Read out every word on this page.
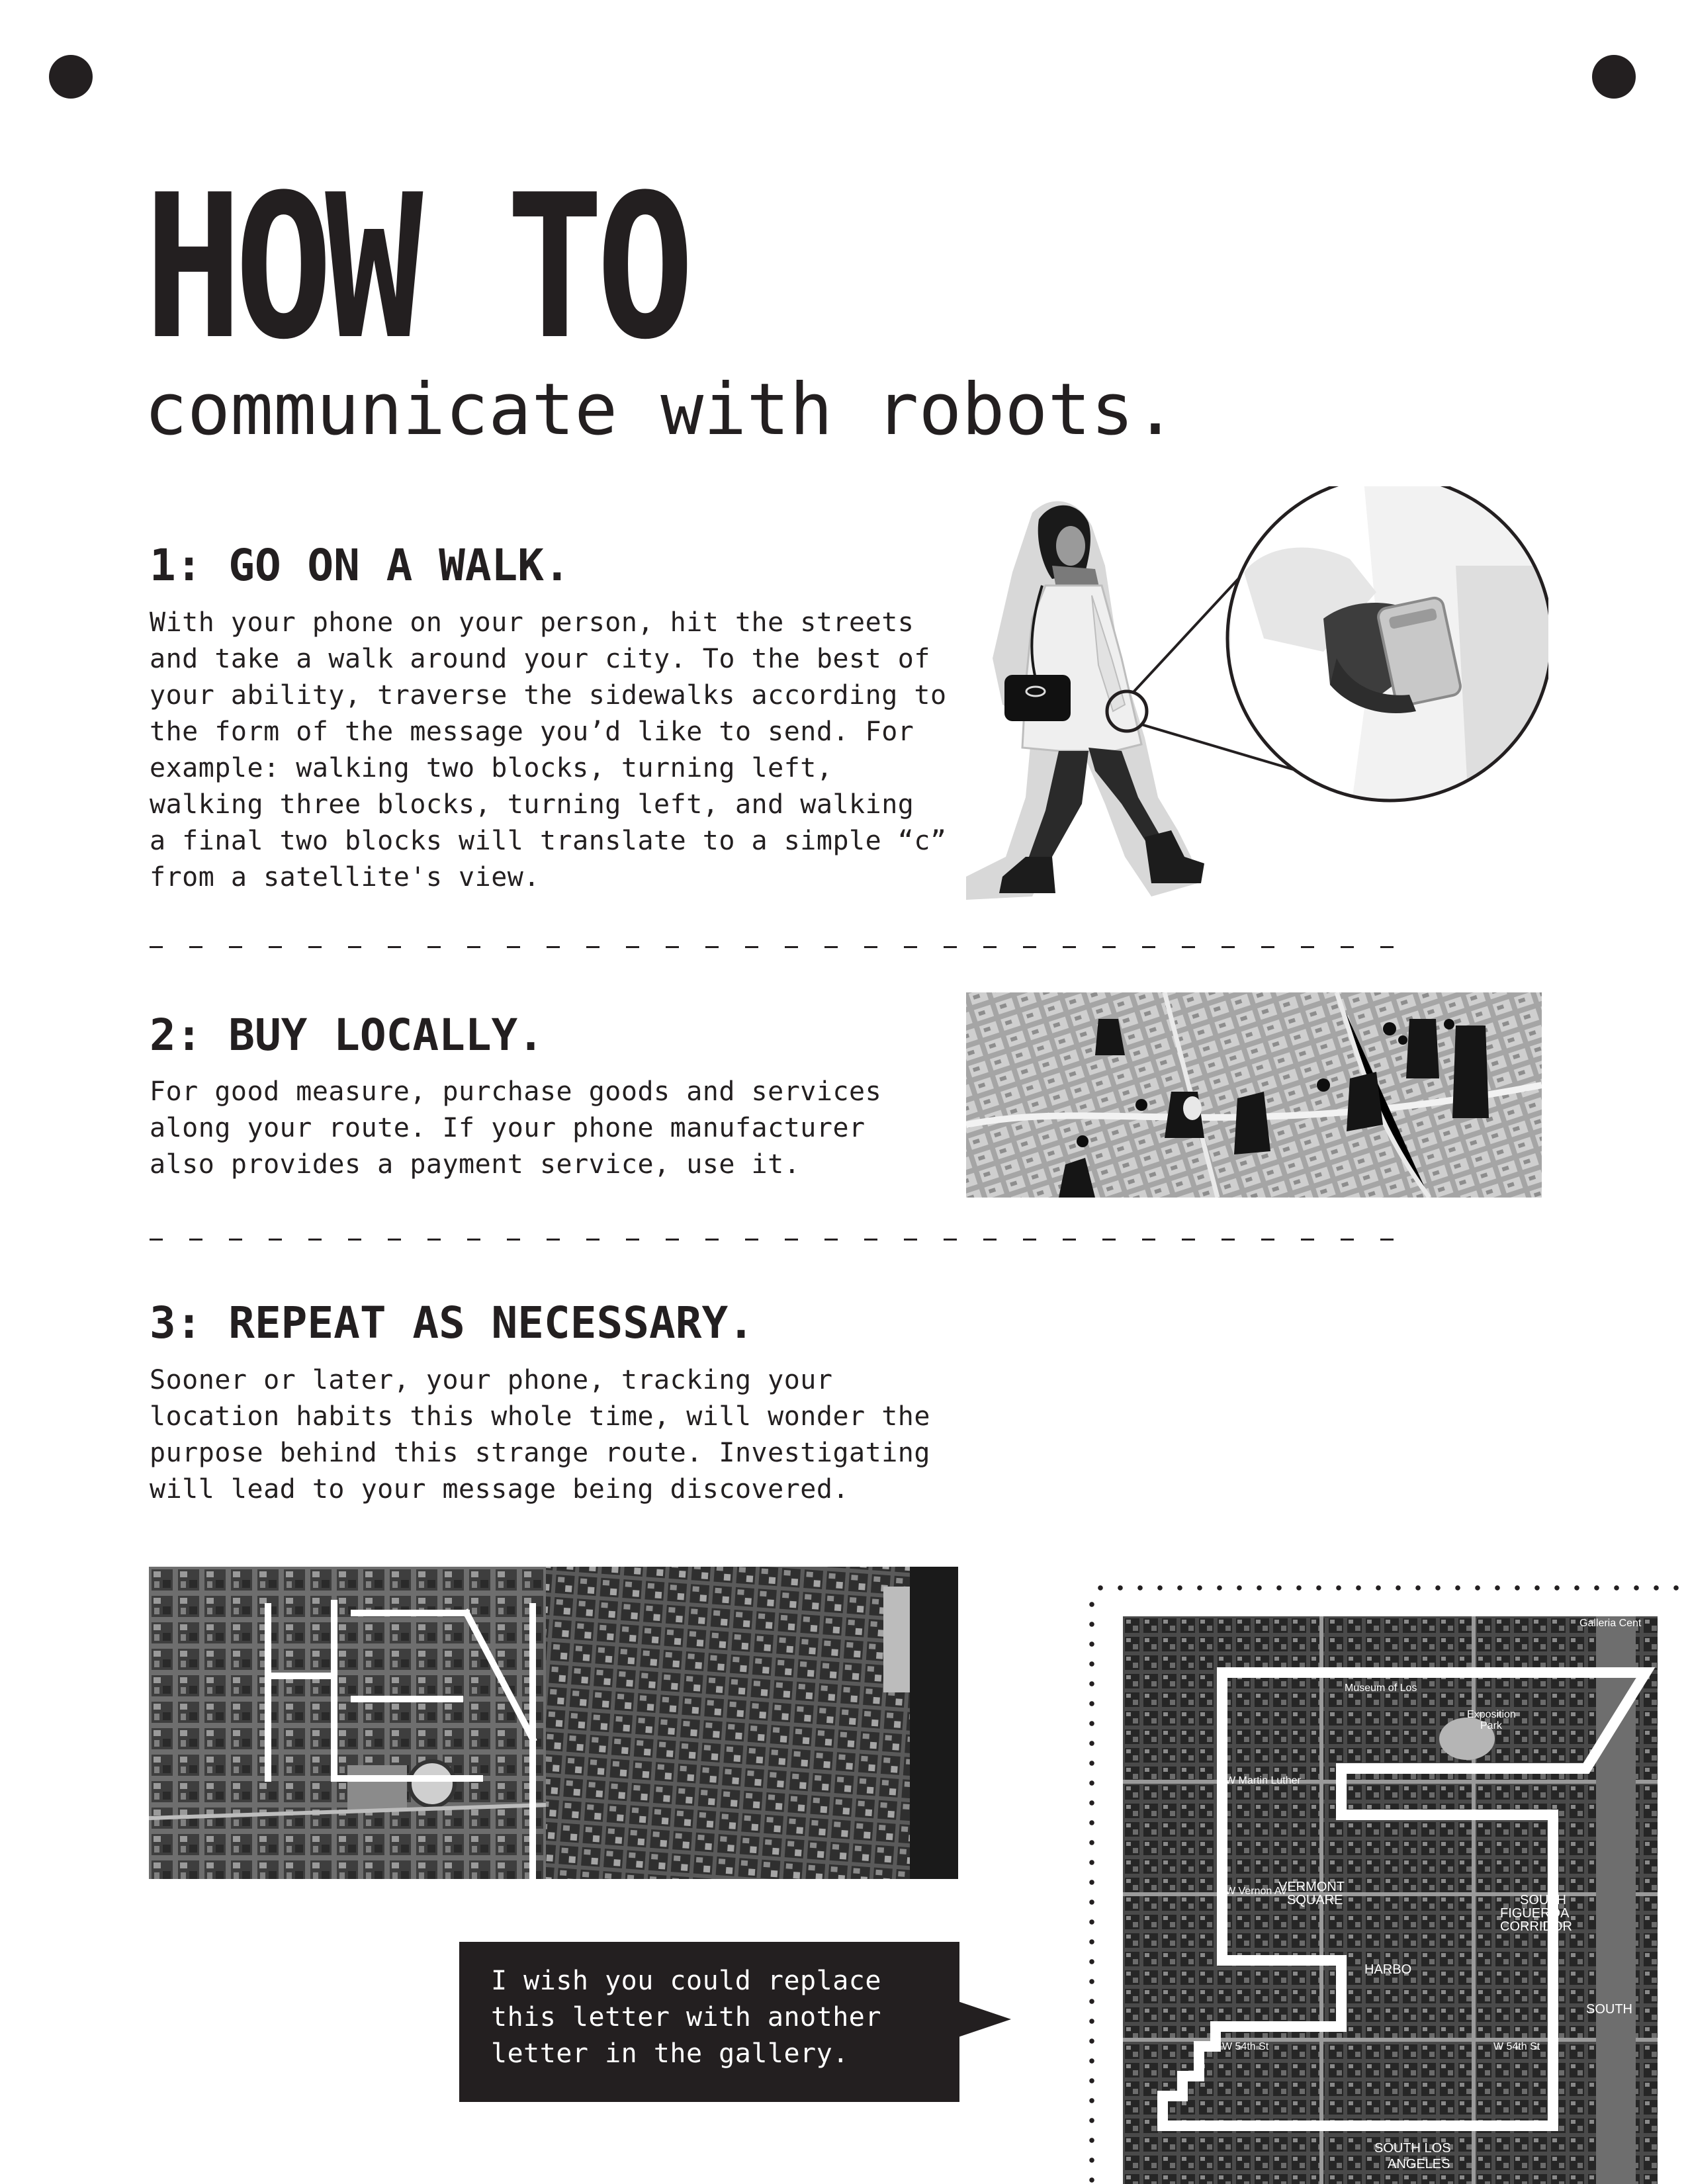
HOW TO
communicate with robots.
1: GO ON A WALK.

With your phone on your person, hit the streets
and take a walk around your city. To the best of
your ability, traverse the sidewalks according to
the form of the message you’d like to send. For
example: walking two blocks, turning left,
walking three blocks, turning left, and walking
a final two blocks will translate to a simple “c”
from a satellite's view.

2: BUY LOCALLY.

For good measure, purchase goods and services
along your route. If your phone manufacturer
also provides a payment service, use it.

3: REPEAT AS NECESSARY.

Sooner or later, your phone, tracking your
location habits this whole time, will wonder the
purpose behind this strange route. Investigating
will lead to your message being discovered.

Museum of Los
Exposition
Park
W Martin Luther
VERMONT
SQUARE
W Vernon Av
SOUTH
FIGUEROA
CORRIDOR
HARBO
SOUTH
W 54th St	W 54th St
SOUTH LOS
ANGELES
Galleria Cent

I wish you could replace
this letter with another
letter in the gallery.
